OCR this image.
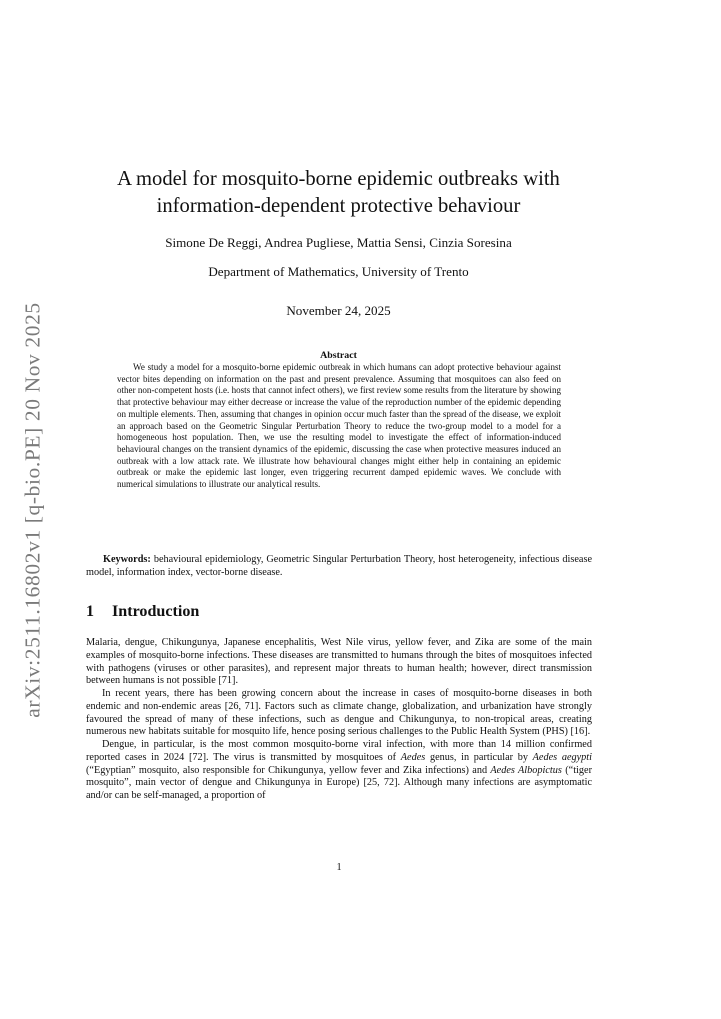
arXiv:2511.16802v1 [q-bio.PE] 20 Nov 2025
A model for mosquito-borne epidemic outbreaks with
information-dependent protective behaviour
Simone De Reggi, Andrea Pugliese, Mattia Sensi, Cinzia Soresina
Department of Mathematics, University of Trento
November 24, 2025
Abstract
We study a model for a mosquito-borne epidemic outbreak in which humans can adopt protective behaviour against vector bites depending on information on the past and present prevalence. Assuming that mosquitoes can also feed on other non-competent hosts (i.e. hosts that cannot infect others), we first review some results from the literature by showing that protective behaviour may either decrease or increase the value of the reproduction number of the epidemic depending on multiple elements. Then, assuming that changes in opinion occur much faster than the spread of the disease, we exploit an approach based on the Geometric Singular Perturbation Theory to reduce the two-group model to a model for a homogeneous host population. Then, we use the resulting model to investigate the effect of information-induced behavioural changes on the transient dynamics of the epidemic, discussing the case when protective measures induced an outbreak with a low attack rate. We illustrate how behavioural changes might either help in containing an epidemic outbreak or make the epidemic last longer, even triggering recurrent damped epidemic waves. We conclude with numerical simulations to illustrate our analytical results.
Keywords: behavioural epidemiology, Geometric Singular Perturbation Theory, host heterogeneity, infectious disease model, information index, vector-borne disease.
1 Introduction

Malaria, dengue, Chikungunya, Japanese encephalitis, West Nile virus, yellow fever, and Zika are some of the main examples of mosquito-borne infections. These diseases are transmitted to humans through the bites of mosquitoes infected with pathogens (viruses or other parasites), and represent major threats to human health; however, direct transmission between humans is not possible [71].

In recent years, there has been growing concern about the increase in cases of mosquito-borne diseases in both endemic and non-endemic areas [26, 71]. Factors such as climate change, globalization, and urbanization have strongly favoured the spread of many of these infections, such as dengue and Chikungunya, to non-tropical areas, creating numerous new habitats suitable for mosquito life, hence posing serious challenges to the Public Health System (PHS) [16].

Dengue, in particular, is the most common mosquito-borne viral infection, with more than 14 million confirmed reported cases in 2024 [72]. The virus is transmitted by mosquitoes of Aedes genus, in particular by Aedes aegypti (“Egyptian” mosquito, also responsible for Chikungunya, yellow fever and Zika infections) and Aedes Albopictus (“tiger mosquito”, main vector of dengue and Chikungunya in Europe) [25, 72]. Although many infections are asymptomatic and/or can be self-managed, a proportion of

1
